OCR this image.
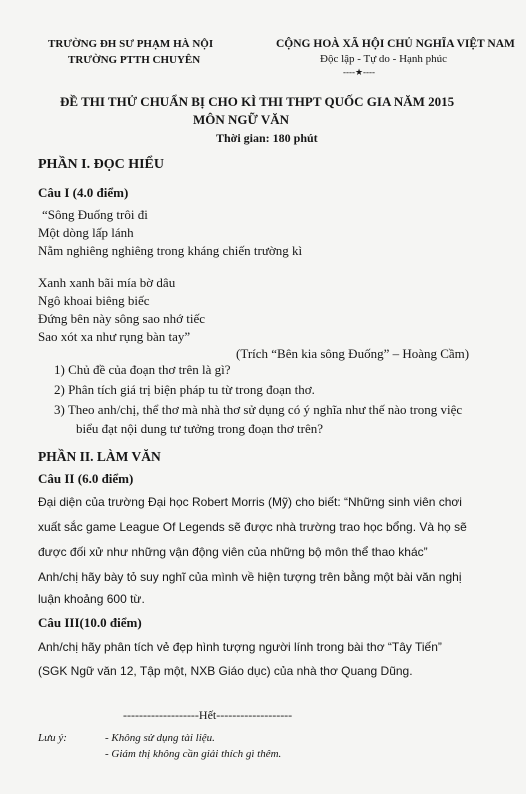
TRƯỜNG ĐH SƯ PHẠM HÀ NỘI
TRƯỜNG PTTH CHUYÊN
CỘNG HOÀ XÃ HỘI CHỦ NGHĨA VIỆT NAM
Độc lập - Tự do - Hạnh phúc
----★----
ĐỀ THI THỬ CHUẨN BỊ CHO KÌ THI THPT QUỐC GIA NĂM 2015
MÔN NGỮ VĂN
Thời gian: 180 phút
PHẦN I. ĐỌC HIỂU
Câu I (4.0 điểm)
“Sông Đuống trôi đi
Một dòng lấp lánh
Nằm nghiêng nghiêng trong kháng chiến trường kì
Xanh xanh bãi mía bờ dâu
Ngô khoai biêng biếc
Đứng bên này sông sao nhớ tiếc
Sao xót xa như rụng bàn tay”
(Trích “Bên kia sông Đuống” – Hoàng Cầm)
1) Chủ đề của đoạn thơ trên là gì?
2) Phân tích giá trị biện pháp tu từ trong đoạn thơ.
3) Theo anh/chị, thể thơ mà nhà thơ sử dụng có ý nghĩa như thế nào trong việc
biểu đạt nội dung tư tưởng trong đoạn thơ trên?
PHẦN II. LÀM VĂN
Câu II (6.0 điểm)
Đại diện của trường Đại học Robert Morris (Mỹ) cho biết: “Những sinh viên chơi
xuất sắc game League Of Legends sẽ được nhà trường trao học bổng. Và họ sẽ
được đối xử như những vận động viên của những bộ môn thể thao khác”
Anh/chị hãy bày tỏ suy nghĩ của mình về hiện tượng trên bằng một bài văn nghị
luận khoảng 600 từ.
Câu III(10.0 điểm)
Anh/chị hãy phân tích vẻ đẹp hình tượng người lính trong bài thơ “Tây Tiến”
(SGK Ngữ văn 12, Tập một, NXB Giáo dục) của nhà thơ Quang Dũng.
-------------------Hết-------------------
Lưu ý:	- Không sử dụng tài liệu.
- Giám thị không cần giải thích gì thêm.
